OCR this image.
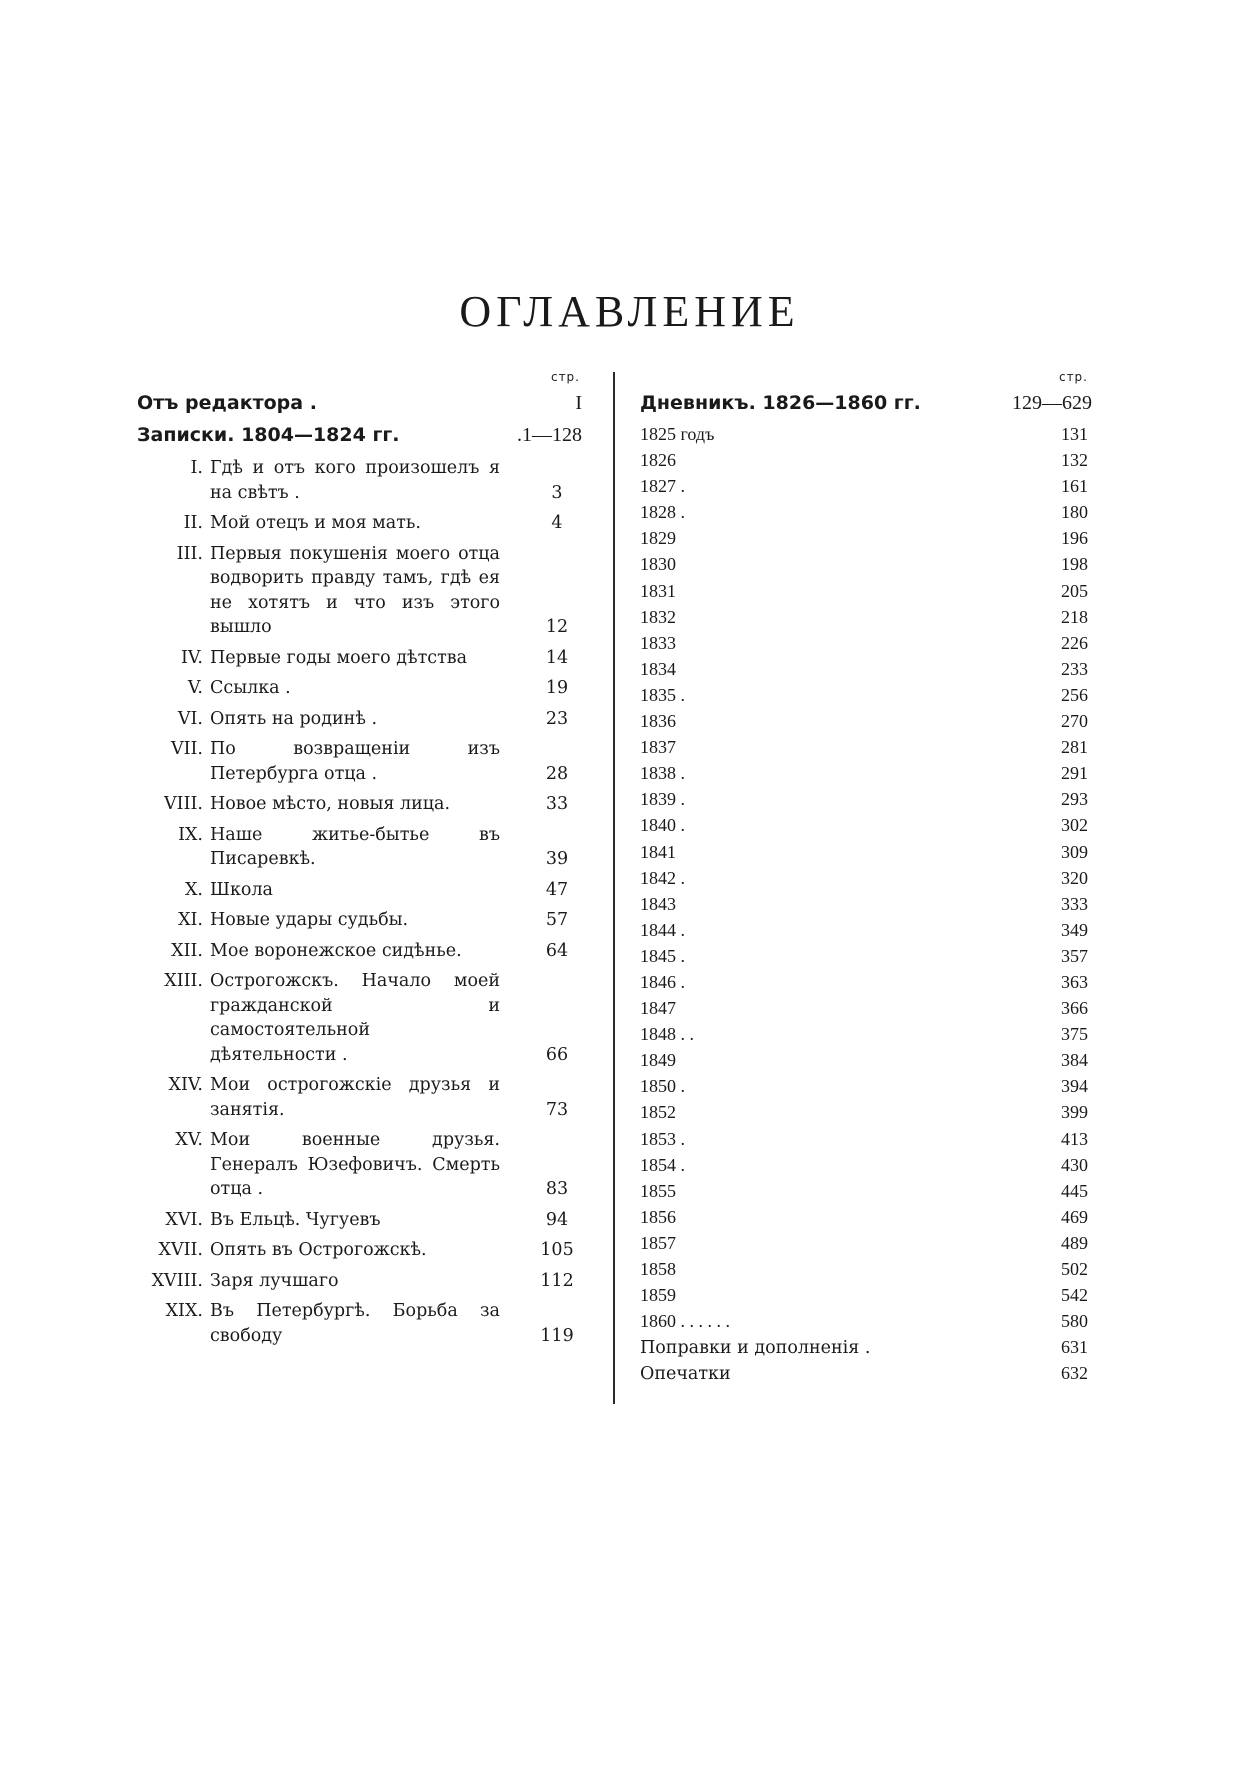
ОГЛАВЛЕНИЕ
стр.
Отъ редактора .	I
Записки. 1804—1824 гг.	.1—128
I. Гдѣ и отъ кого произошелъ я на свѣтъ .	3
II. Мой отецъ и моя мать.	4
III. Первыя покушенія моего отца водворить правду тамъ, гдѣ ея не хотятъ и что изъ этого вышло	12
IV. Первые годы моего дѣтства	14
V. Ссылка .	19
VI. Опять на родинѣ .	23
VII. По возвращеніи изъ Петербурга отца .	28
VIII. Новое мѣсто, новыя лица.	33
IX. Наше житье-бытье въ Писаревкѣ.	39
X. Школа	47
XI. Новые удары судьбы.	57
XII. Мое воронежское сидѣнье.	64
XIII. Острогожскъ. Начало моей гражданской и самостоятельной дѣятельности .	66
XIV. Мои острогожскіе друзья и занятія.	73
XV. Мои военные друзья. Генералъ Юзефовичъ. Смерть отца .	83
XVI. Въ Ельцѣ. Чугуевъ	94
XVII. Опять въ Острогожскѣ.	105
XVIII. Заря лучшаго	112
XIX. Въ Петербургѣ. Борьба за свободу	119
стр.
Дневникъ. 1826—1860 гг.	129—629
1825 годъ	131
1826	132
1827 .	161
1828 .	180
1829	196
1830	198
1831	205
1832	218
1833	226
1834	233
1835 .	256
1836	270
1837	281
1838 .	291
1839 .	293
1840 .	302
1841	309
1842 .	320
1843	333
1844 .	349
1845 .	357
1846 .	363
1847	366
1848 . .	375
1849	384
1850 .	394
1852	399
1853 .	413
1854 .	430
1855	445
1856	469
1857	489
1858	502
1859	542
1860 . . . . . .	580
Поправки и дополненія .	631
Опечатки	632
